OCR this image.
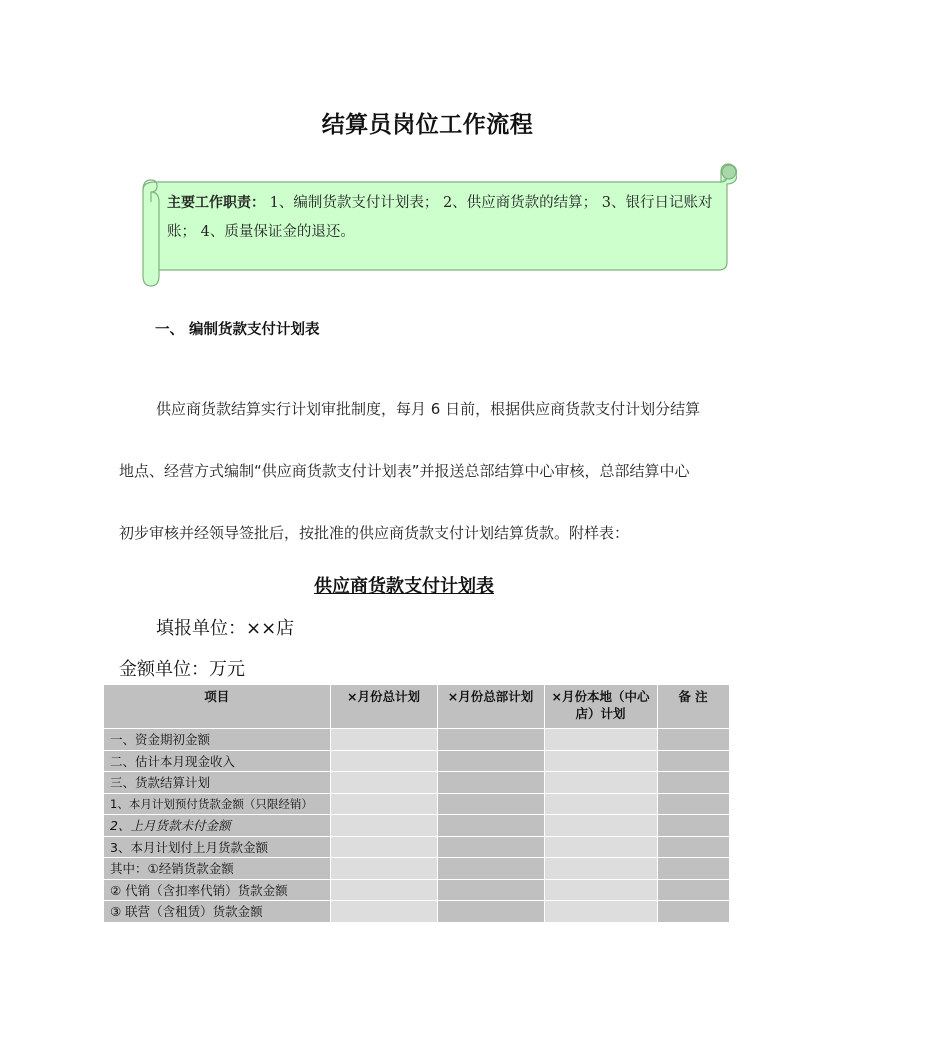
结算员岗位工作流程
主要工作职责： 1、编制货款支付计划表； 2、供应商货款的结算； 3、银行日记账对账； 4、质量保证金的退还。
一、 编制货款支付计划表
供应商货款结算实行计划审批制度，每月 6 日前，根据供应商货款支付计划分结算
地点、经营方式编制“供应商货款支付计划表”并报送总部结算中心审核，总部结算中心
初步审核并经领导签批后，按批准的供应商货款支付计划结算货款。附样表：
供应商货款支付计划表
填报单位：××店
金额单位：万元
项目	×月份总计划	×月份总部计划	×月份本地（中心店）计划	备 注
一、资金期初金额				
二、估计本月现金收入				
三、货款结算计划				
1、本月计划预付货款金额（只限经销）				
2、上月货款未付金额				
3、本月计划付上月货款金额				
其中：①经销货款金额				
② 代销（含扣率代销）货款金额				
③ 联营（含租赁）货款金额				
